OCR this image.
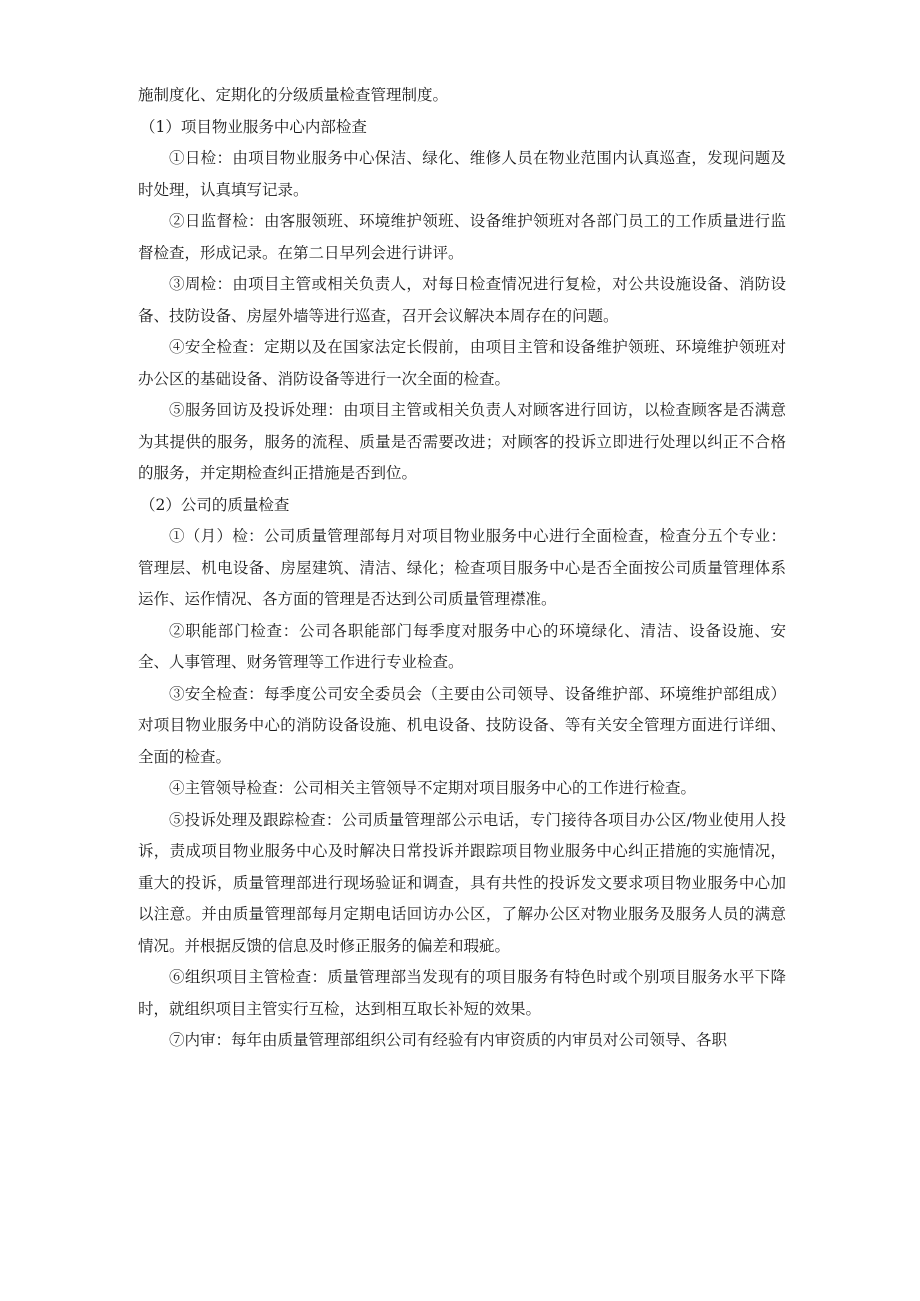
施制度化、定期化的分级质量检查管理制度。

（1）项目物业服务中心内部检查

①日检：由项目物业服务中心保洁、绿化、维修人员在物业范围内认真巡查，发现问题及时处理，认真填写记录。

②日监督检：由客服领班、环境维护领班、设备维护领班对各部门员工的工作质量进行监督检查，形成记录。在第二日早列会进行讲评。

③周检：由项目主管或相关负责人，对每日检查情况进行复检，对公共设施设备、消防设备、技防设备、房屋外墙等进行巡查，召开会议解决本周存在的问题。

④安全检查：定期以及在国家法定长假前，由项目主管和设备维护领班、环境维护领班对办公区的基础设备、消防设备等进行一次全面的检查。

⑤服务回访及投诉处理：由项目主管或相关负责人对顾客进行回访，以检查顾客是否满意为其提供的服务，服务的流程、质量是否需要改进；对顾客的投诉立即进行处理以纠正不合格的服务，并定期检查纠正措施是否到位。

（2）公司的质量检查

①（月）检：公司质量管理部每月对项目物业服务中心进行全面检查，检查分五个专业：管理层、机电设备、房屋建筑、清洁、绿化；检查项目服务中心是否全面按公司质量管理体系运作、运作情况、各方面的管理是否达到公司质量管理襟准。

②职能部门检查：公司各职能部门每季度对服务中心的环境绿化、清洁、设备设施、安全、人事管理、财务管理等工作进行专业检查。

③安全检查：每季度公司安全委员会（主要由公司领导、设备维护部、环境维护部组成）对项目物业服务中心的消防设备设施、机电设备、技防设备、等有关安全管理方面进行详细、全面的检查。

④主管领导检查：公司相关主管领导不定期对项目服务中心的工作进行检查。

⑤投诉处理及跟踪检查：公司质量管理部公示电话，专门接待各项目办公区/物业使用人投诉，责成项目物业服务中心及时解决日常投诉并跟踪项目物业服务中心纠正措施的实施情况，重大的投诉，质量管理部进行现场验证和调查，具有共性的投诉发文要求项目物业服务中心加以注意。并由质量管理部每月定期电话回访办公区，了解办公区对物业服务及服务人员的满意情况。并根据反馈的信息及时修正服务的偏差和瑕疵。

⑥组织项目主管检查：质量管理部当发现有的项目服务有特色时或个别项目服务水平下降时，就组织项目主管实行互检，达到相互取长补短的效果。

⑦内审：每年由质量管理部组织公司有经验有内审资质的内审员对公司领导、各职
